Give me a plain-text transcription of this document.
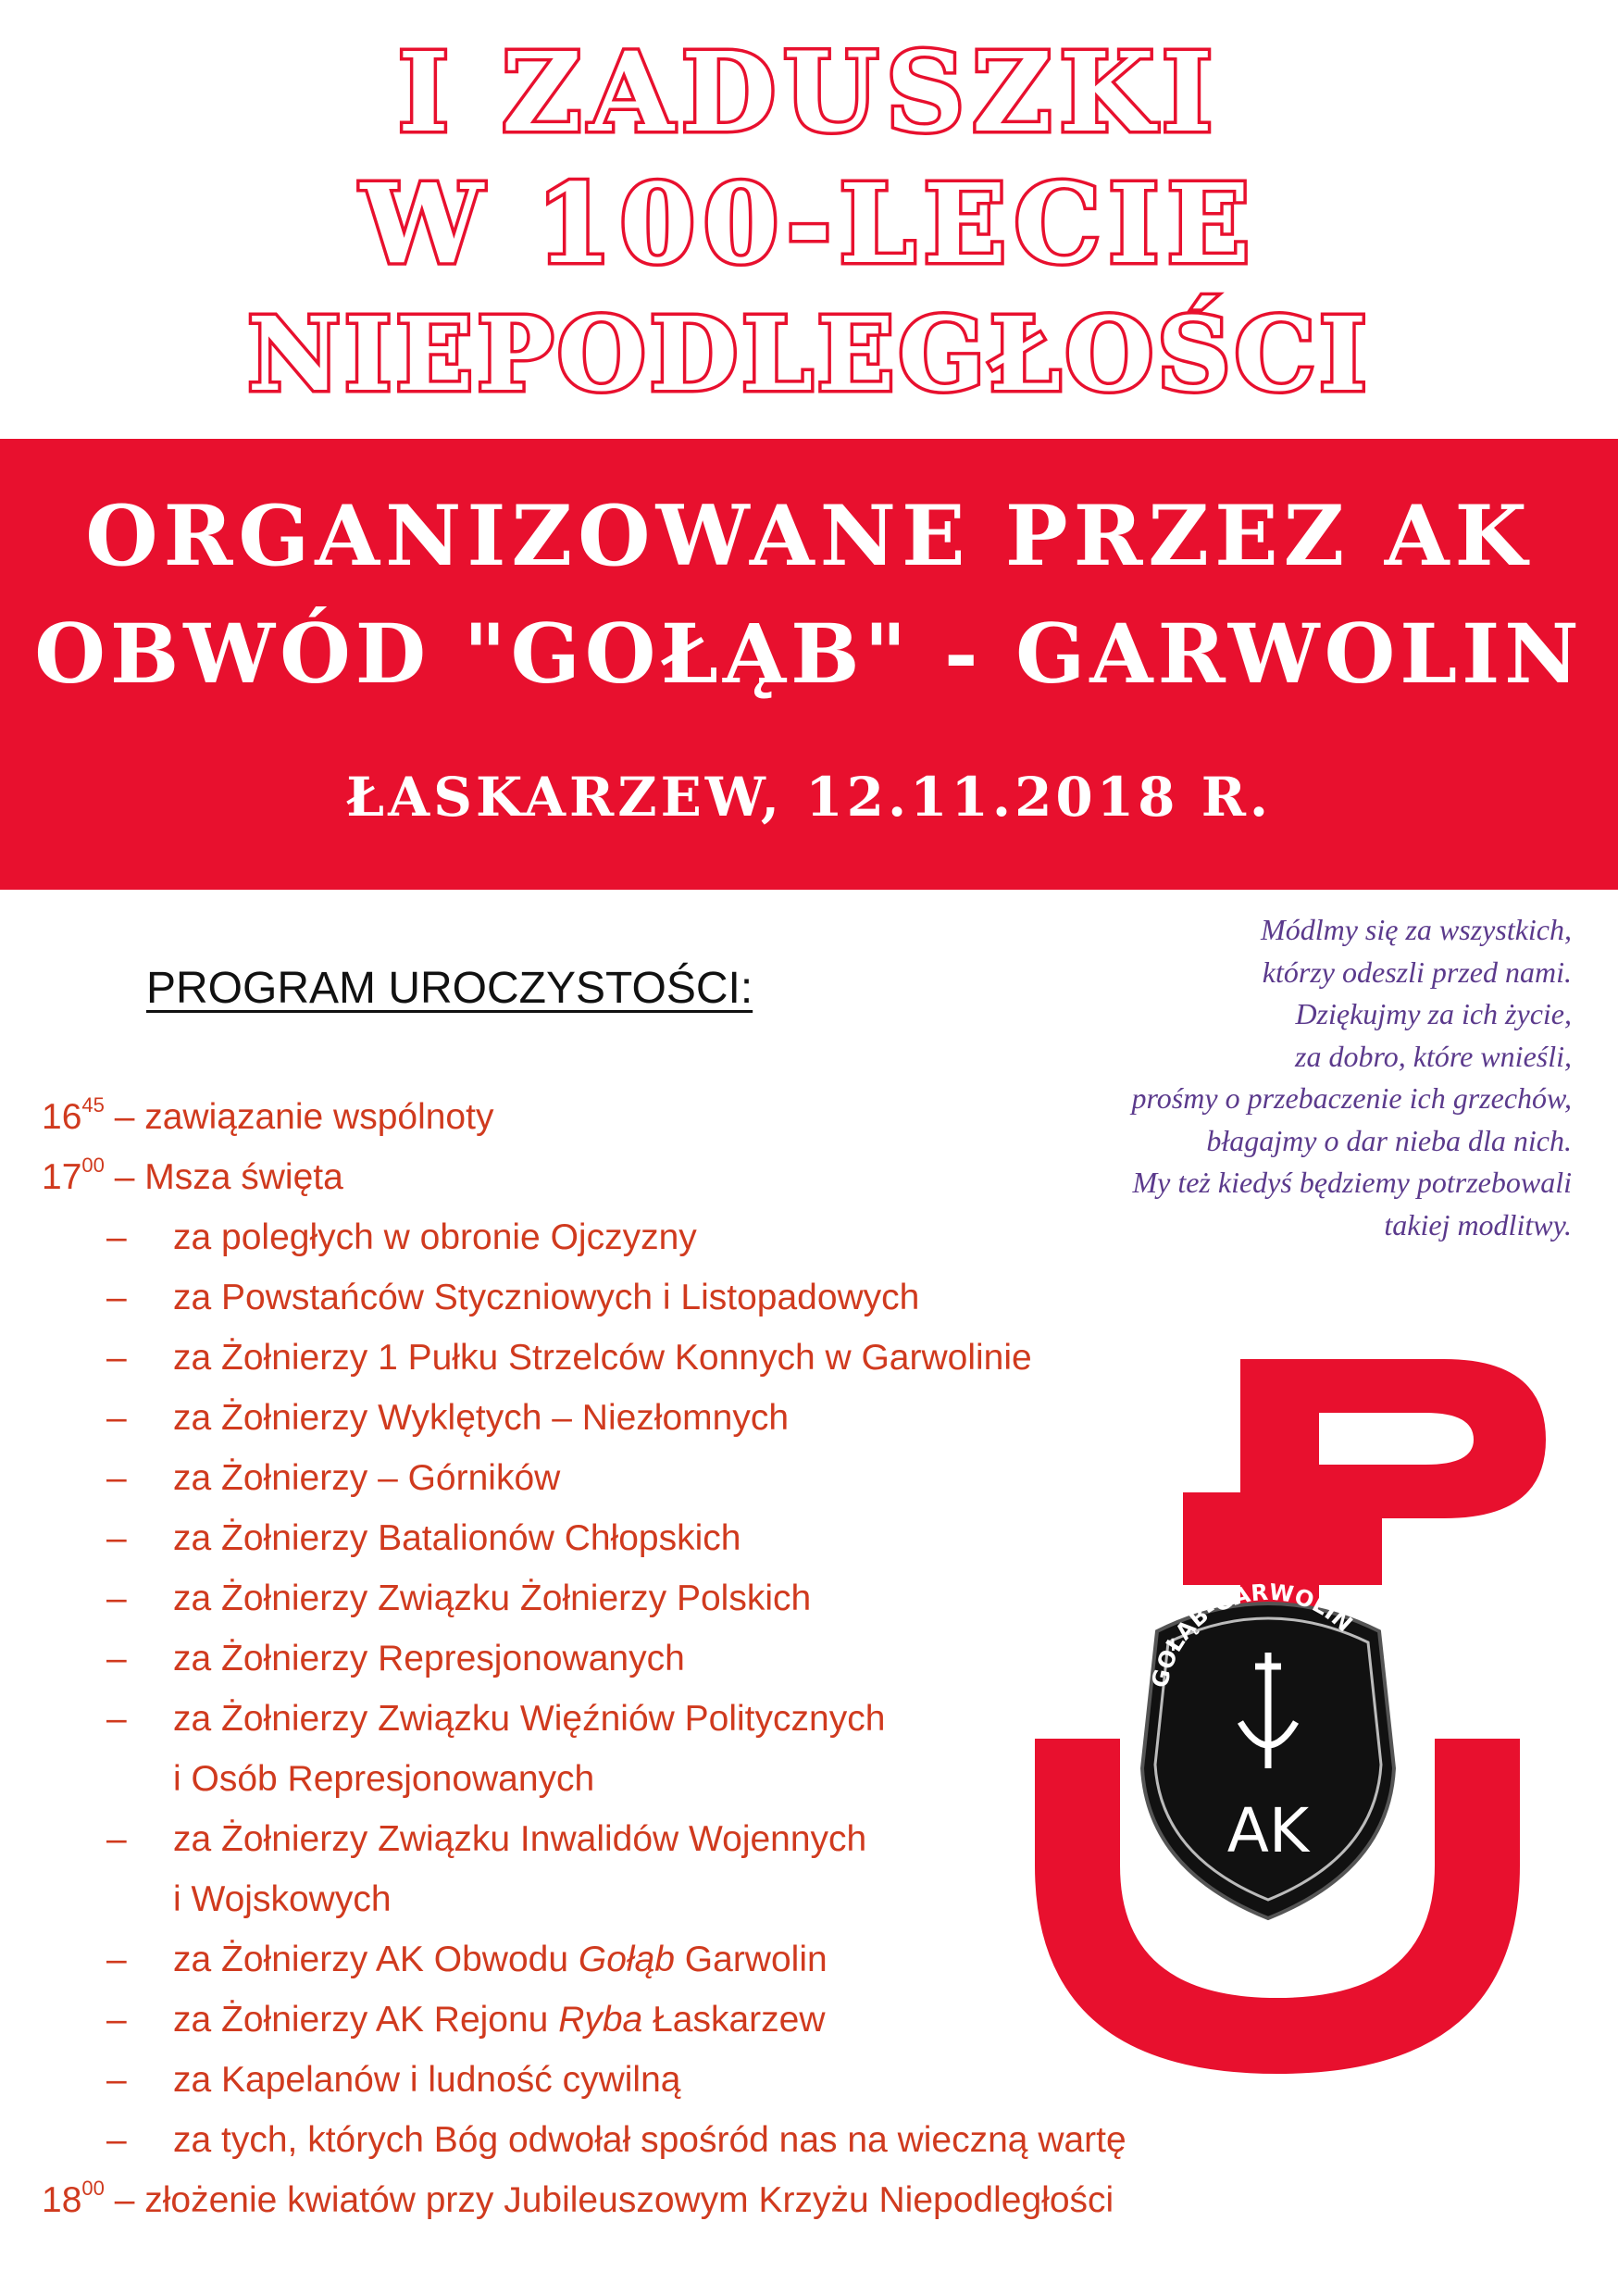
I ZADUSZKI
W 100-LECIE
NIEPODLEGŁOŚCI
ORGANIZOWANE PRZEZ AK
OBWÓD "GOŁĄB" - GARWOLIN
ŁASKARZEW, 12.11.2018 R.
Módlmy się za wszystkich,
którzy odeszli przed nami.
Dziękujmy za ich życie,
za dobro, które wnieśli,
prośmy o przebaczenie ich grzechów,
błagajmy o dar nieba dla nich.
My też kiedyś będziemy potrzebowali
takiej modlitwy.
PROGRAM UROCZYSTOŚCI:
$16^{45}$ – zawiązanie wspólnoty
$17^{00}$ – Msza święta
– za poległych w obronie Ojczyzny
– za Powstańców Styczniowych i Listopadowych
– za Żołnierzy 1 Pułku Strzelców Konnych w Garwolinie
– za Żołnierzy Wyklętych – Niezłomnych
– za Żołnierzy – Górników
– za Żołnierzy Batalionów Chłopskich
– za Żołnierzy Związku Żołnierzy Polskich
– za Żołnierzy Represjonowanych
– za Żołnierzy Związku Więźniów Politycznych
i Osób Represjonowanych
– za Żołnierzy Związku Inwalidów Wojennych
i Wojskowych
– za Żołnierzy AK Obwodu Gołąb Garwolin
– za Żołnierzy AK Rejonu Ryba Łaskarzew
– za Kapelanów i ludność cywilną
– za tych, których Bóg odwołał spośród nas na wieczną wartę
$18^{00}$ – złożenie kwiatów przy Jubileuszowym Krzyżu Niepodległości
GOŁĄB-GARWOLIN
AK
